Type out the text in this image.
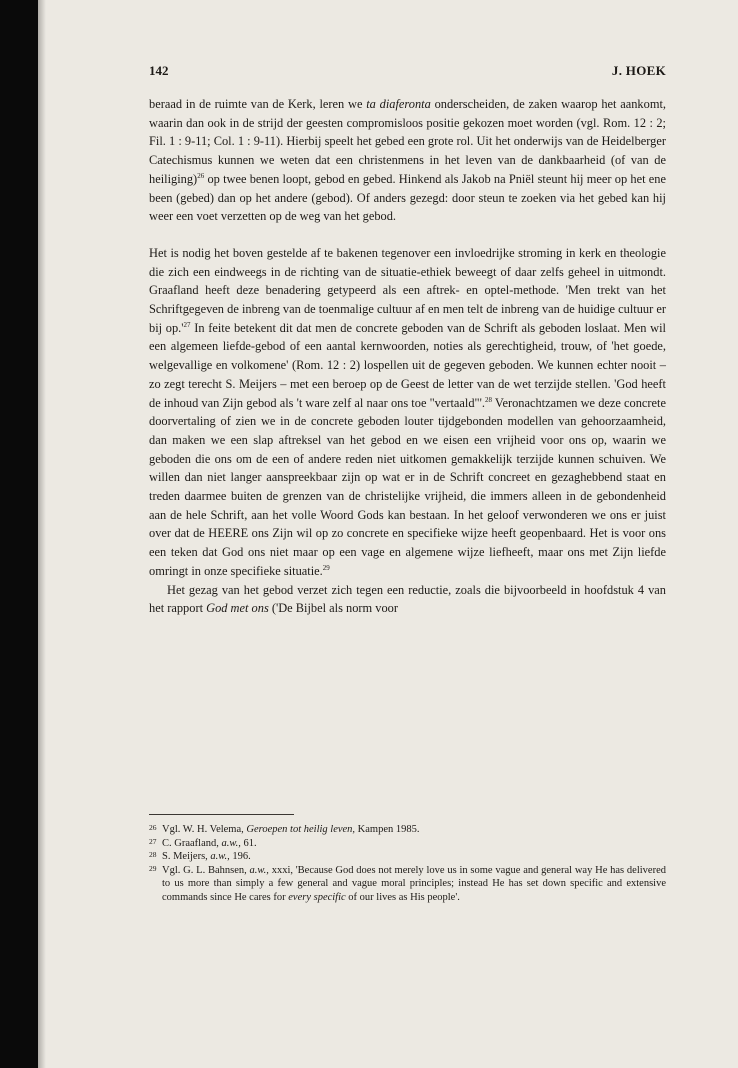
142	J. HOEK

beraad in de ruimte van de Kerk, leren we ta diaferonta onderscheiden, de zaken waarop het aankomt, waarin dan ook in de strijd der geesten compromisloos positie gekozen moet worden (vgl. Rom. 12 : 2; Fil. 1 : 9-11; Col. 1 : 9-11). Hierbij speelt het gebed een grote rol. Uit het onderwijs van de Heidelberger Catechismus kunnen we weten dat een christenmens in het leven van de dankbaarheid (of van de heiliging)$^{26}$ op twee benen loopt, gebod en gebed. Hinkend als Jakob na Pniël steunt hij meer op het ene been (gebed) dan op het andere (gebod). Of anders gezegd: door steun te zoeken via het gebed kan hij weer een voet verzetten op de weg van het gebod.

Het is nodig het boven gestelde af te bakenen tegenover een invloedrijke stroming in kerk en theologie die zich een eindweegs in de richting van de situatie-ethiek beweegt of daar zelfs geheel in uitmondt. Graafland heeft deze benadering getypeerd als een aftrek- en optel-methode. 'Men trekt van het Schriftgegeven de inbreng van de toenmalige cultuur af en men telt de inbreng van de huidige cultuur er bij $op.'^{27}$ In feite betekent dit dat men de concrete geboden van de Schrift als geboden loslaat. Men wil een algemeen liefde-gebod of een aantal kernwoorden, noties als gerechtigheid, trouw, of 'het goede, welgevallige en volkomene' (Rom. 12 : 2) lospellen uit de gegeven geboden. We kunnen echter nooit – zo zegt terecht S. Meijers – met een beroep op de Geest de letter van de wet terzijde stellen. 'God heeft de inhoud van Zijn gebod als 't ware zelf al naar ons toe "vertaald"'.$^{28}$ Veronachtzamen we deze concrete doorvertaling of zien we in de concrete geboden louter tijdgebonden modellen van gehoorzaamheid, dan maken we een slap aftreksel van het gebod en we eisen een vrijheid voor ons op, waarin we geboden die ons om de een of andere reden niet uitkomen gemakkelijk terzijde kunnen schuiven. We willen dan niet langer aanspreekbaar zijn op wat er in de Schrift concreet en gezaghebbend staat en treden daarmee buiten de grenzen van de christelijke vrijheid, die immers alleen in de gebondenheid aan de hele Schrift, aan het volle Woord Gods kan bestaan. In het geloof verwonderen we ons er juist over dat de HEERE ons Zijn wil op zo concrete en specifieke wijze heeft geopenbaard. Het is voor ons een teken dat God ons niet maar op een vage en algemene wijze liefheeft, maar ons met Zijn liefde omringt in onze specifieke situatie.$^{29}$

Het gezag van het gebod verzet zich tegen een reductie, zoals die bijvoorbeeld in hoofdstuk 4 van het rapport God met ons ('De Bijbel als norm voor

26 Vgl. W. H. Velema, Geroepen tot heilig leven, Kampen 1985.

27 C. Graafland, a.w., 61.

28 S. Meijers, a.w., 196.

29 Vgl. G. L. Bahnsen, a.w., xxxi, 'Because God does not merely love us in some vague and general way He has delivered to us more than simply a few general and vague moral principles; instead He has set down specific and extensive commands since He cares for every specific of our lives as His people'.
